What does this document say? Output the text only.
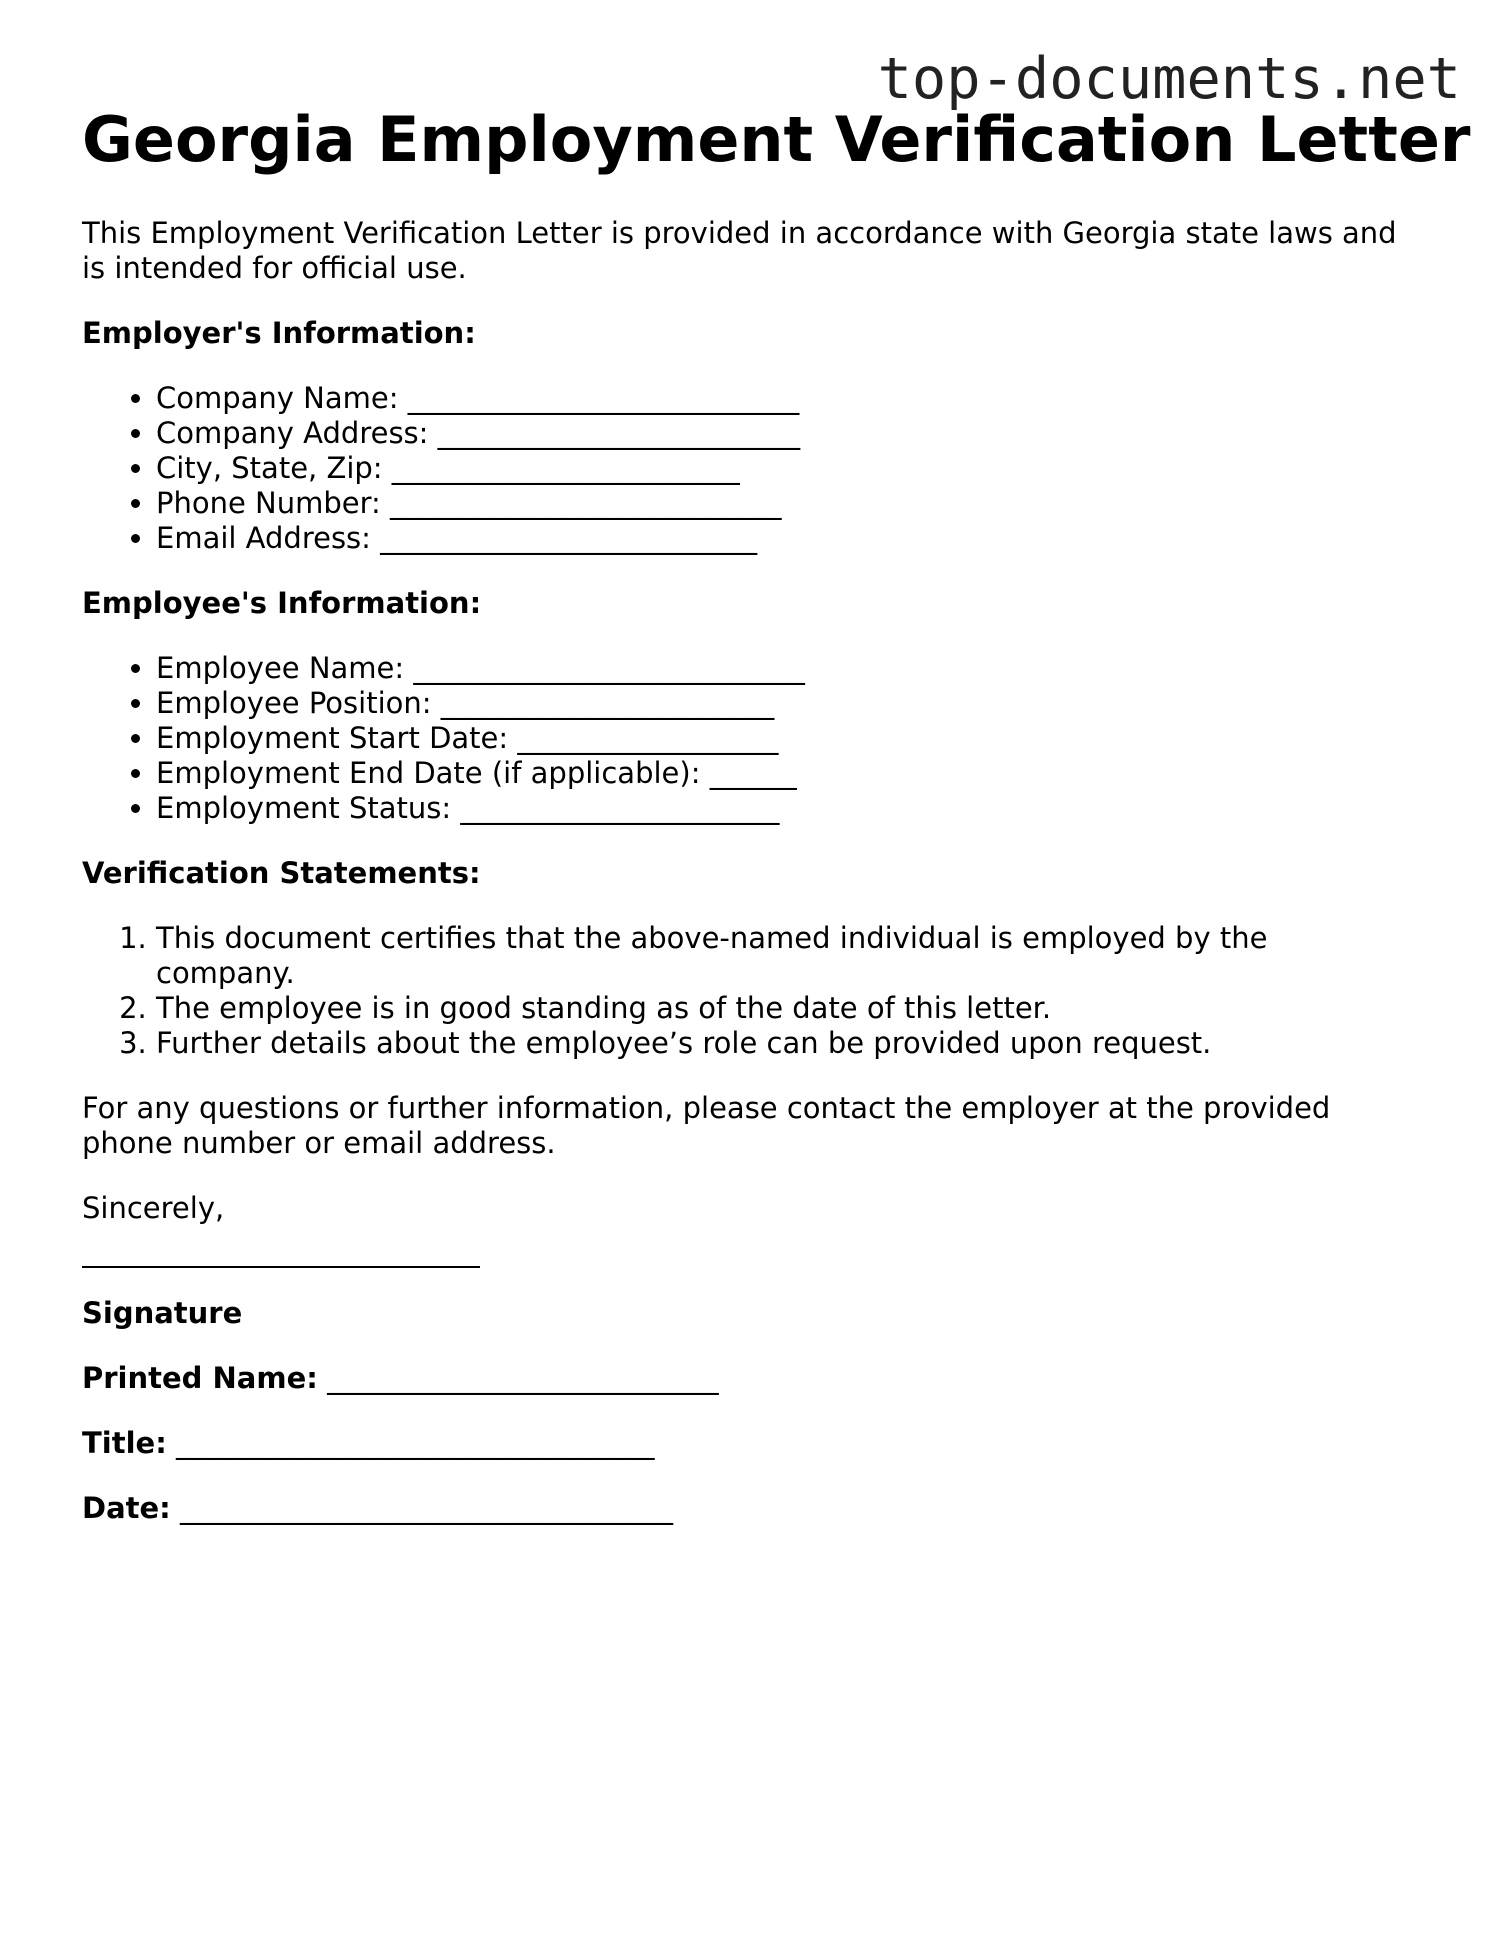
top-documents.net
Georgia Employment Verification Letter

This Employment Verification Letter is provided in accordance with Georgia state laws and is intended for official use.

Employer's Information:
• Company Name: ___________________________
• Company Address: _________________________
• City, State, Zip: ________________________
• Phone Number: ___________________________
• Email Address: __________________________
Employee's Information:
• Employee Name: ___________________________
• Employee Position: _______________________
• Employment Start Date: __________________
• Employment End Date (if applicable): ______
• Employment Status: ______________________
Verification Statements:
1. This document certifies that the above-named individual is employed by the company.
2. The employee is in good standing as of the date of this letter.
3. Further details about the employee’s role can be provided upon request.

For any questions or further information, please contact the employer at the provided phone number or email address.

Sincerely,

Signature
Printed Name: ___________________________
Title: _________________________________
Date: __________________________________
